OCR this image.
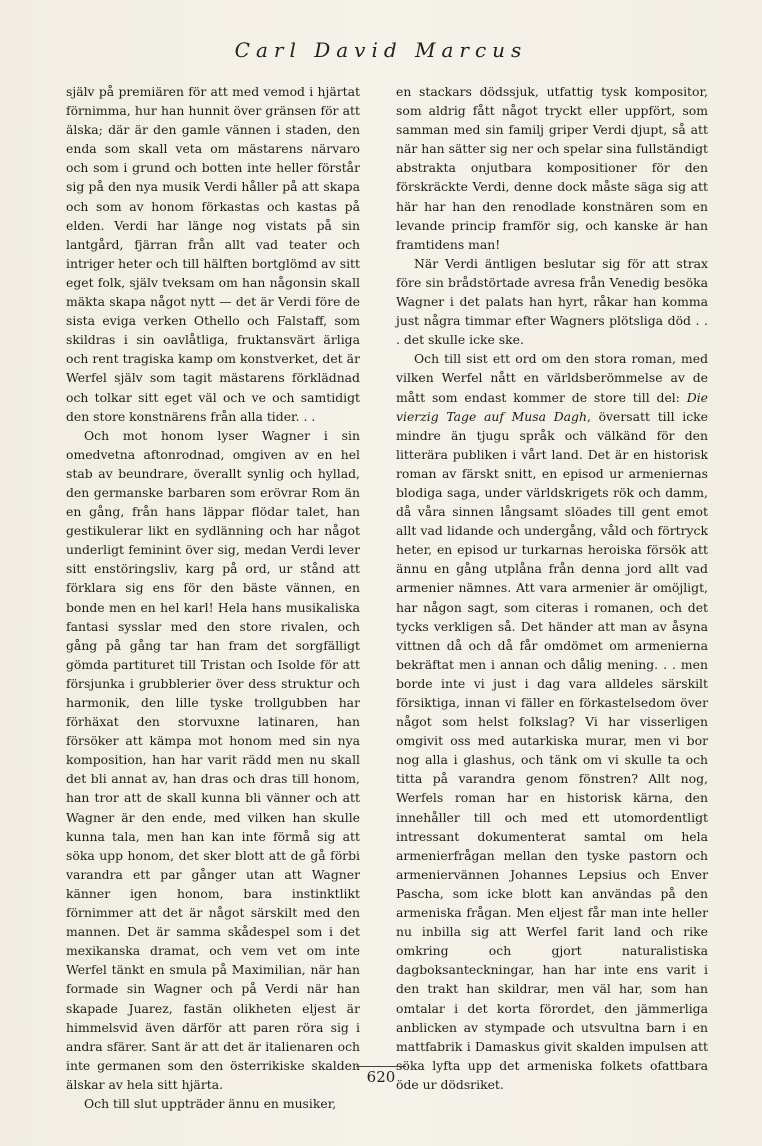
Carl David Marcus

själv på premiären för att med vemod i hjärtat förnimma, hur han hunnit över gränsen för att älska; där är den gamle vännen i staden, den enda som skall veta om mästarens närvaro och som i grund och botten inte heller förstår sig på den nya musik Verdi håller på att skapa och som av honom förkastas och kastas på elden. Verdi har länge nog vistats på sin lantgård, fjärran från allt vad teater och intriger heter och till hälften bortglömd av sitt eget folk, själv tveksam om han någonsin skall mäkta skapa något nytt — det är Verdi före de sista eviga verken Othello och Falstaff, som skildras i sin oavlåtliga, fruktansvärt ärliga och rent tragiska kamp om konstverket, det är Werfel själv som tagit mästarens förklädnad och tolkar sitt eget väl och ve och samtidigt den store konstnärens från alla tider. . .

Och mot honom lyser Wagner i sin omedvetna aftonrodnad, omgiven av en hel stab av beundrare, överallt synlig och hyllad, den germanske barbaren som erövrar Rom än en gång, från hans läppar flödar talet, han gestikulerar likt en sydlänning och har något underligt feminint över sig, medan Verdi lever sitt enstöringsliv, karg på ord, ur stånd att förklara sig ens för den bäste vännen, en bonde men en hel karl! Hela hans musikaliska fantasi sysslar med den store rivalen, och gång på gång tar han fram det sorgfälligt gömda partituret till Tristan och Isolde för att försjunka i grubblerier över dess struktur och harmonik, den lille tyske trollgubben har förhäxat den storvuxne latinaren, han försöker att kämpa mot honom med sin nya komposition, han har varit rädd men nu skall det bli annat av, han dras och dras till honom, han tror att de skall kunna bli vänner och att Wagner är den ende, med vilken han skulle kunna tala, men han kan inte förmå sig att söka upp honom, det sker blott att de gå förbi varandra ett par gånger utan att Wagner känner igen honom, bara instinktlikt förnimmer att det är något särskilt med den mannen. Det är samma skådespel som i det mexikanska dramat, och vem vet om inte Werfel tänkt en smula på Maximilian, när han formade sin Wagner och på Verdi när han skapade Juarez, fastän olikheten eljest är himmelsvid även därför att paren röra sig i andra sfärer. Sant är att det är italienaren och inte germanen som den österrikiske skalden älskar av hela sitt hjärta.

Och till slut uppträder ännu en musiker,

en stackars dödssjuk, utfattig tysk kompositor, som aldrig fått något tryckt eller uppfört, som samman med sin familj griper Verdi djupt, så att när han sätter sig ner och spelar sina fullständigt abstrakta onjutbara kompositioner för den förskräckte Verdi, denne dock måste säga sig att här har han den renodlade konstnären som en levande princip framför sig, och kanske är han framtidens man!

När Verdi äntligen beslutar sig för att strax före sin brådstörtade avresa från Venedig besöka Wagner i det palats han hyrt, råkar han komma just några timmar efter Wagners plötsliga död . . . det skulle icke ske.

Och till sist ett ord om den stora roman, med vilken Werfel nått en världsberömmelse av de mått som endast kommer de store till del: Die vierzig Tage auf Musa Dagh, översatt till icke mindre än tjugu språk och välkänd för den litterära publiken i vårt land. Det är en historisk roman av färskt snitt, en episod ur armeniernas blodiga saga, under världskrigets rök och damm, då våra sinnen långsamt slöades till gent emot allt vad lidande och undergång, våld och förtryck heter, en episod ur turkarnas heroiska försök att ännu en gång utplåna från denna jord allt vad armenier nämnes. Att vara armenier är omöjligt, har någon sagt, som citeras i romanen, och det tycks verkligen så. Det händer att man av åsyna vittnen då och då får omdömet om armenierna bekräftat men i annan och dålig mening. . . men borde inte vi just i dag vara alldeles särskilt försiktiga, innan vi fäller en förkastelsedom över något som helst folkslag? Vi har visserligen omgivit oss med autarkiska murar, men vi bor nog alla i glashus, och tänk om vi skulle ta och titta på varandra genom fönstren? Allt nog, Werfels roman har en historisk kärna, den innehåller till och med ett utomordentligt intressant dokumenterat samtal om hela armenierfrågan mellan den tyske pastorn och armeniervännen Johannes Lepsius och Enver Pascha, som icke blott kan användas på den armeniska frågan. Men eljest får man inte heller nu inbilla sig att Werfel farit land och rike omkring och gjort naturalistiska dagboksanteckningar, han har inte ens varit i den trakt han skildrar, men väl har, som han omtalar i det korta förordet, den jämmerliga anblicken av stympade och utsvultna barn i en mattfabrik i Damaskus givit skalden impulsen att söka lyfta upp det armeniska folkets ofattbara öde ur dödsriket.

620
